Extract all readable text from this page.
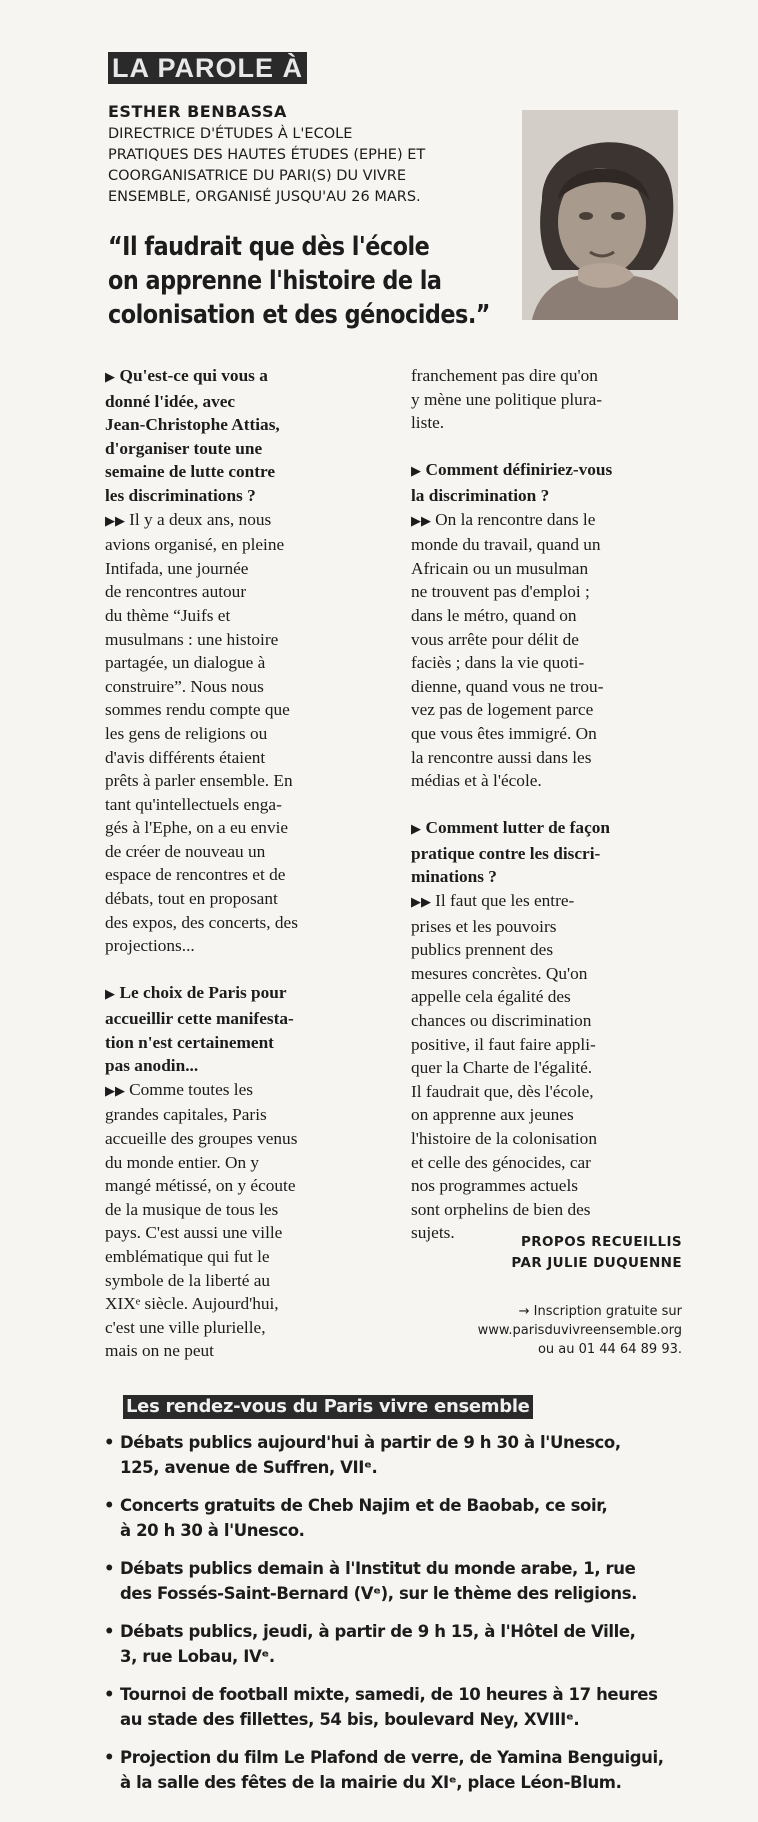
LA PAROLE À
ESTHER BENBASSA
DIRECTRICE D'ÉTUDES À L'ECOLE
PRATIQUES DES HAUTES ÉTUDES (EPHE) ET
COORGANISATRICE DU PARI(S) DU VIVRE
ENSEMBLE, ORGANISÉ JUSQU'AU 26 MARS.
“Il faudrait que dès l'école
on apprenne l'histoire de la
colonisation et des génocides.”

▶ Qu'est-ce qui vous a

donné l'idée, avec

Jean-Christophe Attias,

d'organiser toute une

semaine de lutte contre

les discriminations ?

▶▶ Il y a deux ans, nous

avions organisé, en pleine

Intifada, une journée

de rencontres autour

du thème “Juifs et

musulmans : une histoire

partagée, un dialogue à

construire”. Nous nous

sommes rendu compte que

les gens de religions ou

d'avis différents étaient

prêts à parler ensemble. En

tant qu'intellectuels enga-

gés à l'Ephe, on a eu envie

de créer de nouveau un

espace de rencontres et de

débats, tout en proposant

des expos, des concerts, des

projections...

▶ Le choix de Paris pour

accueillir cette manifesta-

tion n'est certainement

pas anodin...

▶▶ Comme toutes les

grandes capitales, Paris

accueille des groupes venus

du monde entier. On y

mangé métissé, on y écoute

de la musique de tous les

pays. C'est aussi une ville

emblématique qui fut le

symbole de la liberté au

XIXᵉ siècle. Aujourd'hui,

c'est une ville plurielle,

mais on ne peut

franchement pas dire qu'on

y mène une politique plura-

liste.

▶ Comment définiriez-vous

la discrimination ?

▶▶ On la rencontre dans le

monde du travail, quand un

Africain ou un musulman

ne trouvent pas d'emploi ;

dans le métro, quand on

vous arrête pour délit de

faciès ; dans la vie quoti-

dienne, quand vous ne trou-

vez pas de logement parce

que vous êtes immigré. On

la rencontre aussi dans les

médias et à l'école.

▶ Comment lutter de façon

pratique contre les discri-

minations ?

▶▶ Il faut que les entre-

prises et les pouvoirs

publics prennent des

mesures concrètes. Qu'on

appelle cela égalité des

chances ou discrimination

positive, il faut faire appli-

quer la Charte de l'égalité.

Il faudrait que, dès l'école,

on apprenne aux jeunes

l'histoire de la colonisation

et celle des génocides, car

nos programmes actuels

sont orphelins de bien des

sujets.	PROPOS RECUEILLIS
PAR JULIE DUQUENNE
→ Inscription gratuite sur
www.parisduvivreensemble.org
ou au 01 44 64 89 93.
Les rendez-vous du Paris vivre ensemble
• Débats publics aujourd'hui à partir de 9 h 30 à l'Unesco,
125, avenue de Suffren, VIIᵉ.
• Concerts gratuits de Cheb Najim et de Baobab, ce soir,
à 20 h 30 à l'Unesco.
• Débats publics demain à l'Institut du monde arabe, 1, rue
des Fossés-Saint-Bernard (Vᵉ), sur le thème des religions.
• Débats publics, jeudi, à partir de 9 h 15, à l'Hôtel de Ville,
3, rue Lobau, IVᵉ.
• Tournoi de football mixte, samedi, de 10 heures à 17 heures
au stade des fillettes, 54 bis, boulevard Ney, XVIIIᵉ.
• Projection du film Le Plafond de verre, de Yamina Benguigui,
à la salle des fêtes de la mairie du XIᵉ, place Léon-Blum.
